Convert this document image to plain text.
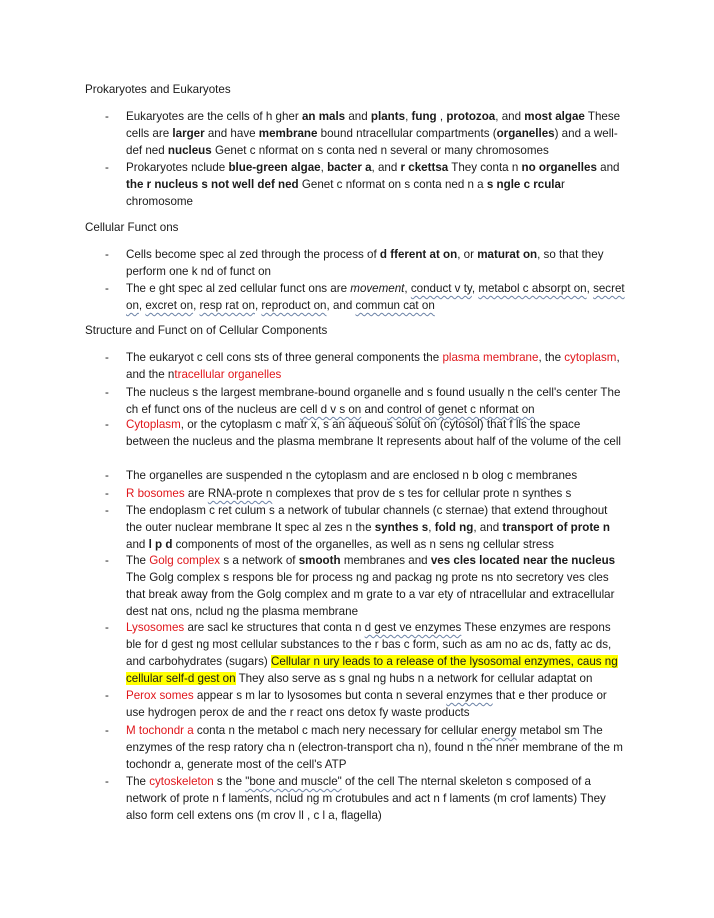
Prokaryotes and Eukaryotes
- Eukaryotes are the cells of h gher an mals and plants, fung , protozoa, and most algae These cells are larger and have membrane bound ntracellular compartments (organelles) and a well-def ned nucleus Genet c nformat on s conta ned n several or many chromosomes
- Prokaryotes nclude blue-green algae, bacter a, and r ckettsa They conta n no organelles and the r nucleus s not well def ned Genet c nformat on s conta ned n a s ngle c rcular chromosome
Cellular Funct ons
- Cells become spec al zed through the process of d fferent at on, or maturat on, so that they perform one k nd of funct on
- The e ght spec al zed cellular funct ons are movement, conduct v ty, metabol c absorpt on, secret on, excret on, resp rat on, reproduct on, and commun cat on
Structure and Funct on of Cellular Components
- The eukaryot c cell cons sts of three general components the plasma membrane, the cytoplasm, and the ntracellular organelles
- The nucleus s the largest membrane-bound organelle and s found usually n the cell's center The ch ef funct ons of the nucleus are cell d v s on and control of genet c nformat on
- Cytoplasm, or the cytoplasm c matr x, s an aqueous solut on (cytosol) that f lls the space between the nucleus and the plasma membrane It represents about half of the volume of the cell
- The organelles are suspended n the cytoplasm and are enclosed n b olog c membranes
- R bosomes are RNA-prote n complexes that prov de s tes for cellular prote n synthes s
- The endoplasm c ret culum s a network of tubular channels (c sternae) that extend throughout the outer nuclear membrane It spec al zes n the synthes s, fold ng, and transport of prote n and l p d components of most of the organelles, as well as n sens ng cellular stress
- The Golg complex s a network of smooth membranes and ves cles located near the nucleus The Golg complex s respons ble for process ng and packag ng prote ns nto secretory ves cles that break away from the Golg complex and m grate to a var ety of ntracellular and extracellular dest nat ons, nclud ng the plasma membrane
- Lysosomes are sacl ke structures that conta n d gest ve enzymes These enzymes are respons ble for d gest ng most cellular substances to the r bas c form, such as am no ac ds, fatty ac ds, and carbohydrates (sugars) Cellular n ury leads to a release of the lysosomal enzymes, caus ng cellular self-d gest on They also serve as s gnal ng hubs n a network for cellular adaptat on
- Perox somes appear s m lar to lysosomes but conta n several enzymes that e ther produce or use hydrogen perox de and the r react ons detox fy waste products
- M tochondr a conta n the metabol c mach nery necessary for cellular energy metabol sm The enzymes of the resp ratory cha n (electron-transport cha n), found n the nner membrane of the m tochondr a, generate most of the cell's ATP
- The cytoskeleton s the "bone and muscle" of the cell The nternal skeleton s composed of a network of prote n f laments, nclud ng m crotubules and act n f laments (m crof laments) They also form cell extens ons (m crov ll , c l a, flagella)
